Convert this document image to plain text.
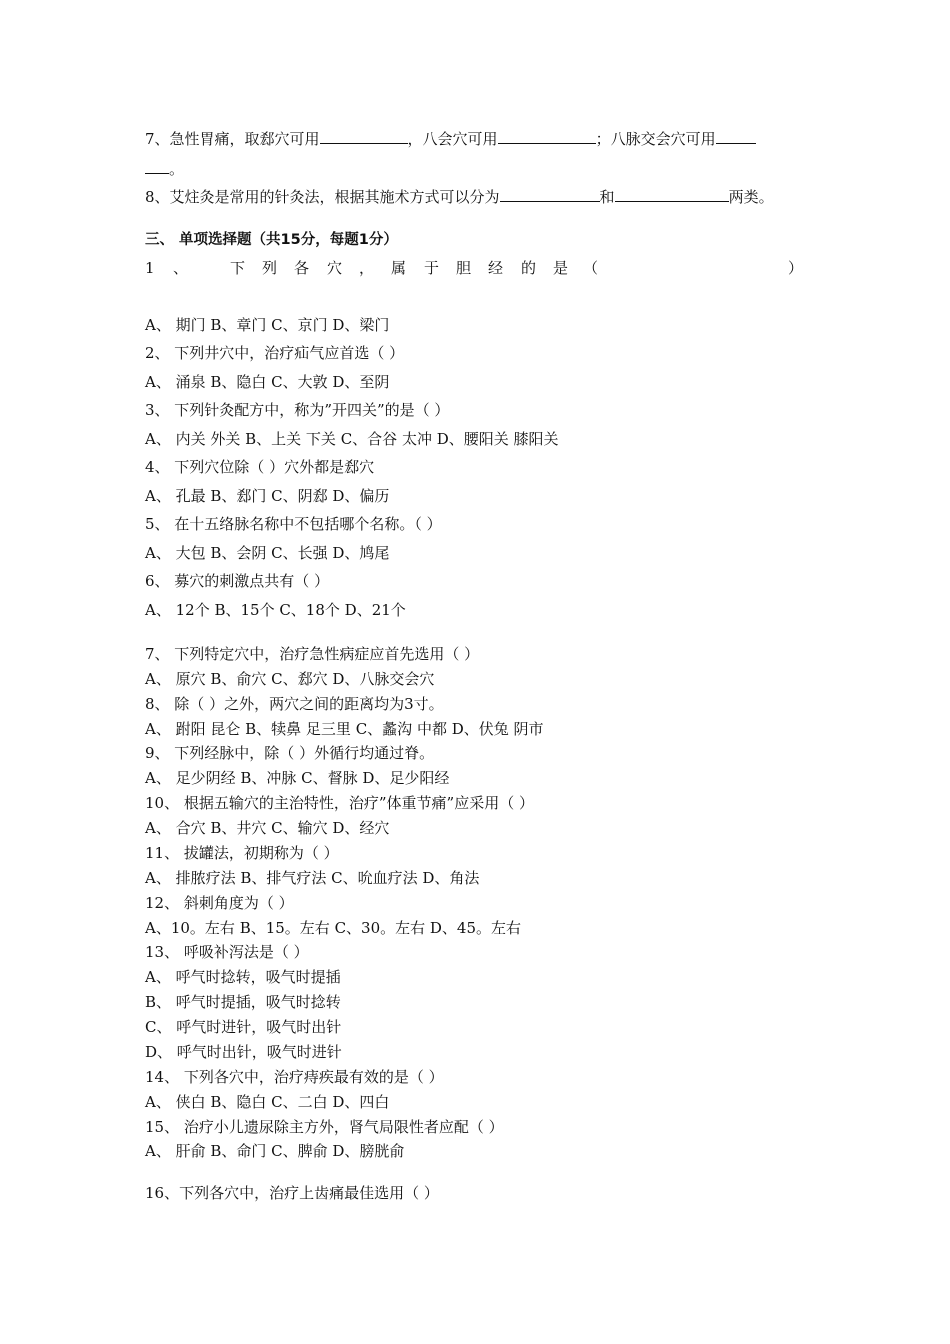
7、急性胃痛，取郄穴可用	，八会穴可用	；八脉交会穴可用
。
8、艾炷灸是常用的针灸法，根据其施术方式可以分为	和	两类。
三、 单项选择题（共15分，每题1分）
1 、	下 列 各 穴 ， 属 于 胆 经 的 是 （	）
A、 期门 B、章门 C、京门 D、梁门
2、 下列井穴中，治疗疝气应首选（ ）
A、 涌泉 B、隐白 C、大敦 D、至阴
3、 下列针灸配方中，称为”开四关”的是（ ）
A、 内关 外关 B、上关 下关 C、合谷 太冲 D、腰阳关 膝阳关
4、 下列穴位除（ ）穴外都是郄穴
A、 孔最 B、郄门 C、阴郄 D、偏历
5、 在十五络脉名称中不包括哪个名称。（ ）
A、 大包 B、会阴 C、长强 D、鸠尾
6、 募穴的刺激点共有（ ）
A、 12个 B、15个 C、18个 D、21个
7、 下列特定穴中，治疗急性病症应首先选用（ ）
A、 原穴 B、俞穴 C、郄穴 D、八脉交会穴
8、 除（ ）之外，两穴之间的距离均为3寸。
A、 跗阳 昆仑 B、犊鼻 足三里 C、蠡沟 中都 D、伏兔 阴市
9、 下列经脉中，除（ ）外循行均通过脊。
A、 足少阴经 B、冲脉 C、督脉 D、足少阳经
10、 根据五输穴的主治特性，治疗”体重节痛”应采用（ ）
A、 合穴 B、井穴 C、输穴 D、经穴
11、 拔罐法，初期称为（ ）
A、 排脓疗法 B、排气疗法 C、吮血疗法 D、角法
12、 斜刺角度为（ ）
A、10。左右 B、15。左右 C、30。左右 D、45。左右
13、 呼吸补泻法是（ ）
A、 呼气时捻转，吸气时提插
B、 呼气时提插，吸气时捻转
C、 呼气时进针，吸气时出针
D、 呼气时出针，吸气时进针
14、 下列各穴中，治疗痔疾最有效的是（ ）
A、 侠白 B、隐白 C、二白 D、四白
15、 治疗小儿遗尿除主方外，肾气局限性者应配（ ）
A、 肝俞 B、命门 C、脾俞 D、膀胱俞
16、下列各穴中，治疗上齿痛最佳选用（ ）
